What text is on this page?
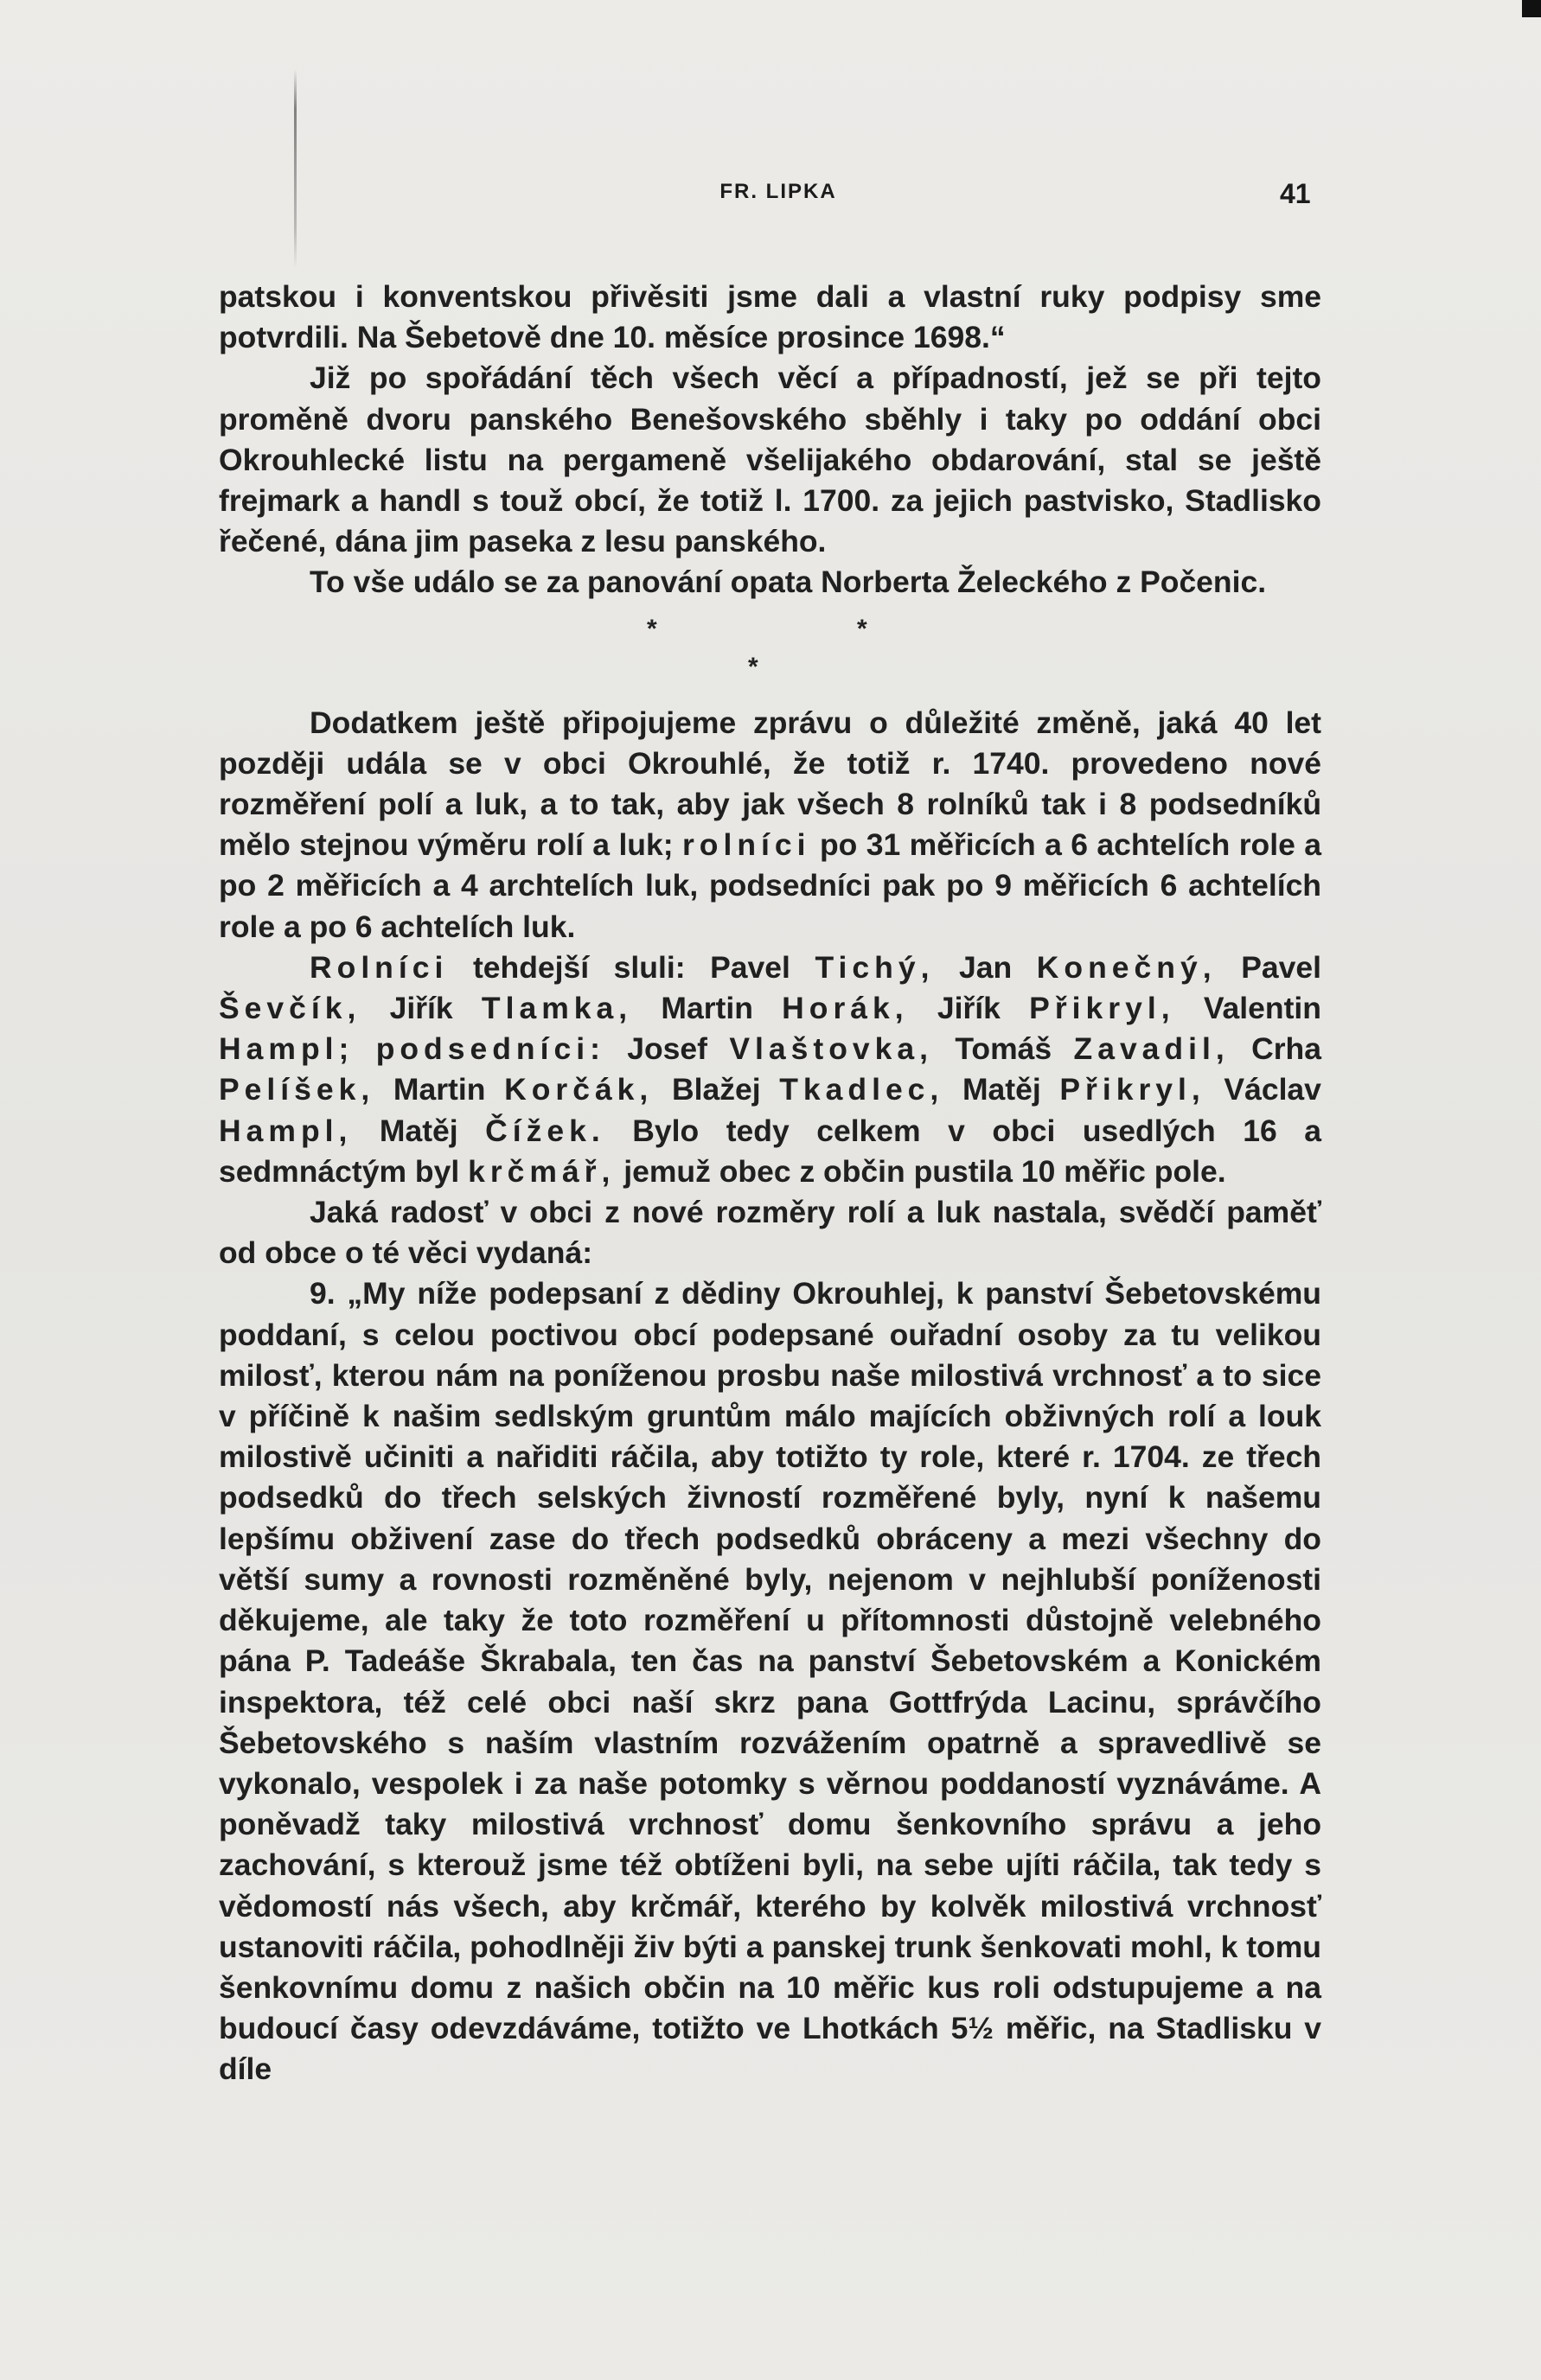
FR. LIPKA	41

patskou i konventskou přivěsiti jsme dali a vlastní ruky podpisy sme potvrdili. Na Šebetově dne 10. měsíce prosince 1698.“

Již po spořádání těch všech věcí a případností, jež se při tejto proměně dvoru panského Benešovského sběhly i taky po oddání obci Okrouhlecké listu na pergameně všelijakého obdarování, stal se ještě frejmark a handl s touž obcí, že totiž l. 1700. za jejich pastvisko, Stadlisko řečené, dána jim paseka z lesu panského.

To vše událo se za panování opata Norberta Želeckého z Počenic.

*
*
*

Dodatkem ještě připojujeme zprávu o důležité změně, jaká 40 let později udála se v obci Okrouhlé, že totiž r. 1740. provedeno nové rozměření polí a luk, a to tak, aby jak všech 8 rolníků tak i 8 podsedníků mělo stejnou výměru rolí a luk; rolníci po 31 měřicích a 6 achtelích role a po 2 měřicích a 4 archtelích luk, podsedníci pak po 9 měřicích 6 achtelích role a po 6 achtelích luk.

Rolníci tehdejší sluli: Pavel Tichý, Jan Konečný, Pavel Ševčík, Jiřík Tlamka, Martin Horák, Jiřík Přikryl, Valentin Hampl; podsedníci: Josef Vlaštovka, Tomáš Zavadil, Crha Pelíšek, Martin Korčák, Blažej Tkadlec, Matěj Přikryl, Václav Hampl, Matěj Čížek. Bylo tedy celkem v obci usedlých 16 a sedmnáctým byl krčmář, jemuž obec z občin pustila 10 měřic pole.

Jaká radosť v obci z nové rozměry rolí a luk nastala, svědčí paměť od obce o té věci vydaná:

9. „My níže podepsaní z dědiny Okrouhlej, k panství Šebetovskému poddaní, s celou poctivou obcí podepsané ouřadní osoby za tu velikou milosť, kterou nám na poníženou prosbu naše milostivá vrchnosť a to sice v příčině k našim sedlským gruntům málo majících obživných rolí a louk milostivě učiniti a nařiditi ráčila, aby totižto ty role, které r. 1704. ze třech podsedků do třech selských živností rozměřené byly, nyní k našemu lepšímu obživení zase do třech podsedků obráceny a mezi všechny do větší sumy a rovnosti rozměněné byly, nejenom v nejhlubší poníženosti děkujeme, ale taky že toto rozměření u přítomnosti důstojně velebného pána P. Tadeáše Škrabala, ten čas na panství Šebetovském a Konickém inspektora, též celé obci naší skrz pana Gottfrýda Lacinu, správčího Šebetovského s naším vlastním rozvážením opatrně a spravedlivě se vykonalo, vespolek i za naše potomky s věrnou poddaností vyznáváme. A poněvadž taky milostivá vrchnosť domu šenkovního správu a jeho zachování, s kterouž jsme též obtíženi byli, na sebe ujíti ráčila, tak tedy s vědomostí nás všech, aby krčmář, kterého by kolvěk milostivá vrchnosť ustanoviti ráčila, pohodlněji živ býti a panskej trunk šenkovati mohl, k tomu šenkovnímu domu z našich občin na 10 měřic kus roli odstupujeme a na budoucí časy odevzdáváme, totižto ve Lhotkách 5½ měřic, na Stadlisku v díle
